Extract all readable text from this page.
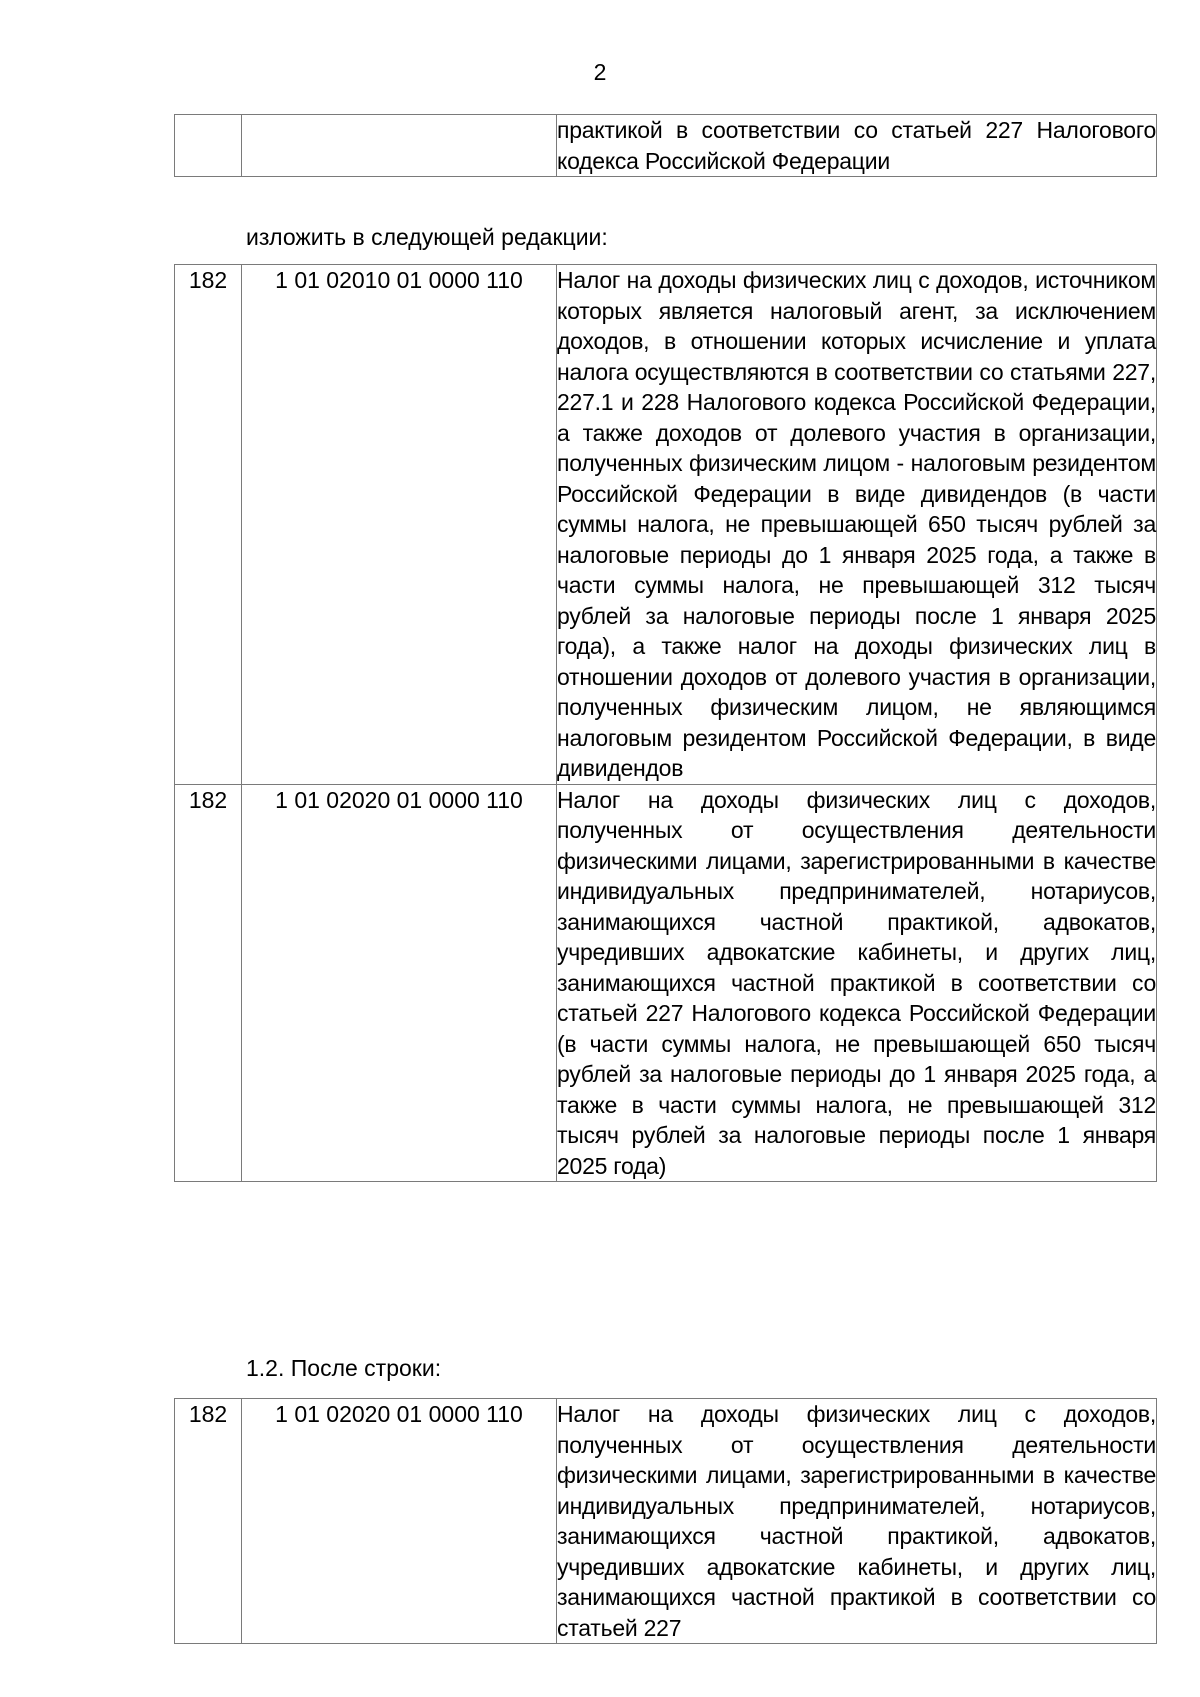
2
		практикой в соответствии со статьей 227 Налогового кодекса Российской Федерации
изложить в следующей редакции:
182	1 01 02010 01 0000 110	Налог на доходы физических лиц с доходов, источником которых является налоговый агент, за исключением доходов, в отношении которых исчисление и уплата налога осуществляются в соответствии со статьями 227, 227.1 и 228 Налогового кодекса Российской Федерации, а также доходов от долевого участия в организации, полученных физическим лицом - налоговым резидентом Российской Федерации в виде дивидендов (в части суммы налога, не превышающей 650 тысяч рублей за налоговые периоды до 1 января 2025 года, а также в части суммы налога, не превышающей 312 тысяч рублей за налоговые периоды после 1 января 2025 года), а также налог на доходы физических лиц в отношении доходов от долевого участия в организации, полученных физическим лицом, не являющимся налоговым резидентом Российской Федерации, в виде дивидендов
182	1 01 02020 01 0000 110	Налог на доходы физических лиц с доходов, полученных от осуществления деятельности физическими лицами, зарегистрированными в качестве индивидуальных предпринимателей, нотариусов, занимающихся частной практикой, адвокатов, учредивших адвокатские кабинеты, и других лиц, занимающихся частной практикой в соответствии со статьей 227 Налогового кодекса Российской Федерации (в части суммы налога, не превышающей 650 тысяч рублей за налоговые периоды до 1 января 2025 года, а также в части суммы налога, не превышающей 312 тысяч рублей за налоговые периоды после 1 января 2025 года)
1.2. После строки:
182	1 01 02020 01 0000 110	Налог на доходы физических лиц с доходов, полученных от осуществления деятельности физическими лицами, зарегистрированными в качестве индивидуальных предпринимателей, нотариусов, занимающихся частной практикой, адвокатов, учредивших адвокатские кабинеты, и других лиц, занимающихся частной практикой в соответствии со статьей 227
